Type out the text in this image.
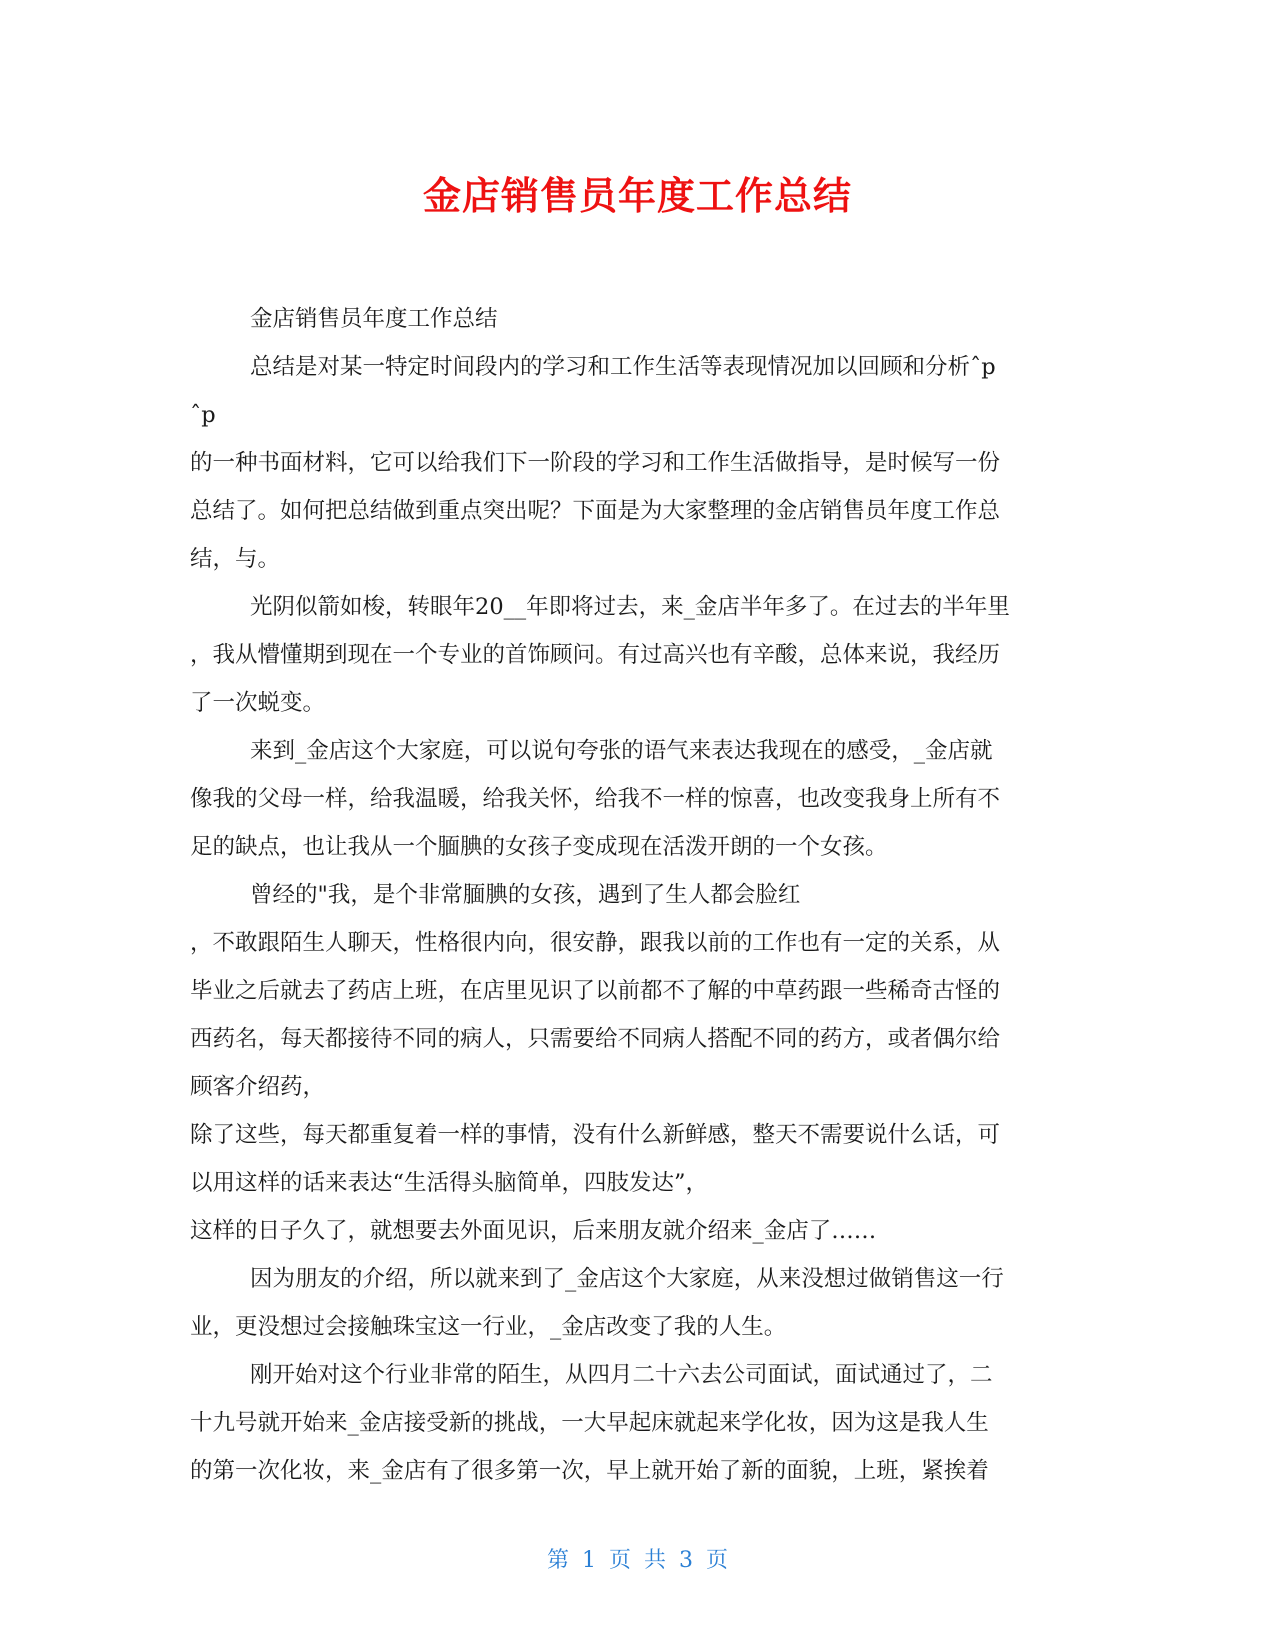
金店销售员年度工作总结
金店销售员年度工作总结
总结是对某一特定时间段内的学习和工作生活等表现情况加以回顾和分析ˆp
ˆp
的一种书面材料，它可以给我们下一阶段的学习和工作生活做指导，是时候写一份
总结了。如何把总结做到重点突出呢？下面是为大家整理的金店销售员年度工作总
结，与。
光阴似箭如梭，转眼年20__年即将过去，来_金店半年多了。在过去的半年里
，我从懵懂期到现在一个专业的首饰顾问。有过高兴也有辛酸，总体来说，我经历
了一次蜕变。
来到_金店这个大家庭，可以说句夸张的语气来表达我现在的感受，_金店就
像我的父母一样，给我温暖，给我关怀，给我不一样的惊喜，也改变我身上所有不
足的缺点，也让我从一个腼腆的女孩子变成现在活泼开朗的一个女孩。
曾经的"我，是个非常腼腆的女孩，遇到了生人都会脸红
，不敢跟陌生人聊天，性格很内向，很安静，跟我以前的工作也有一定的关系，从
毕业之后就去了药店上班，在店里见识了以前都不了解的中草药跟一些稀奇古怪的
西药名，每天都接待不同的病人，只需要给不同病人搭配不同的药方，或者偶尔给
顾客介绍药，
除了这些，每天都重复着一样的事情，没有什么新鲜感，整天不需要说什么话，可
以用这样的话来表达“生活得头脑简单，四肢发达”，
这样的日子久了，就想要去外面见识，后来朋友就介绍来_金店了……
因为朋友的介绍，所以就来到了_金店这个大家庭，从来没想过做销售这一行
业，更没想过会接触珠宝这一行业，_金店改变了我的人生。
刚开始对这个行业非常的陌生，从四月二十六去公司面试，面试通过了，二
十九号就开始来_金店接受新的挑战，一大早起床就起来学化妆，因为这是我人生
的第一次化妆，来_金店有了很多第一次，早上就开始了新的面貌，上班，紧挨着
第 1 页 共 3 页
